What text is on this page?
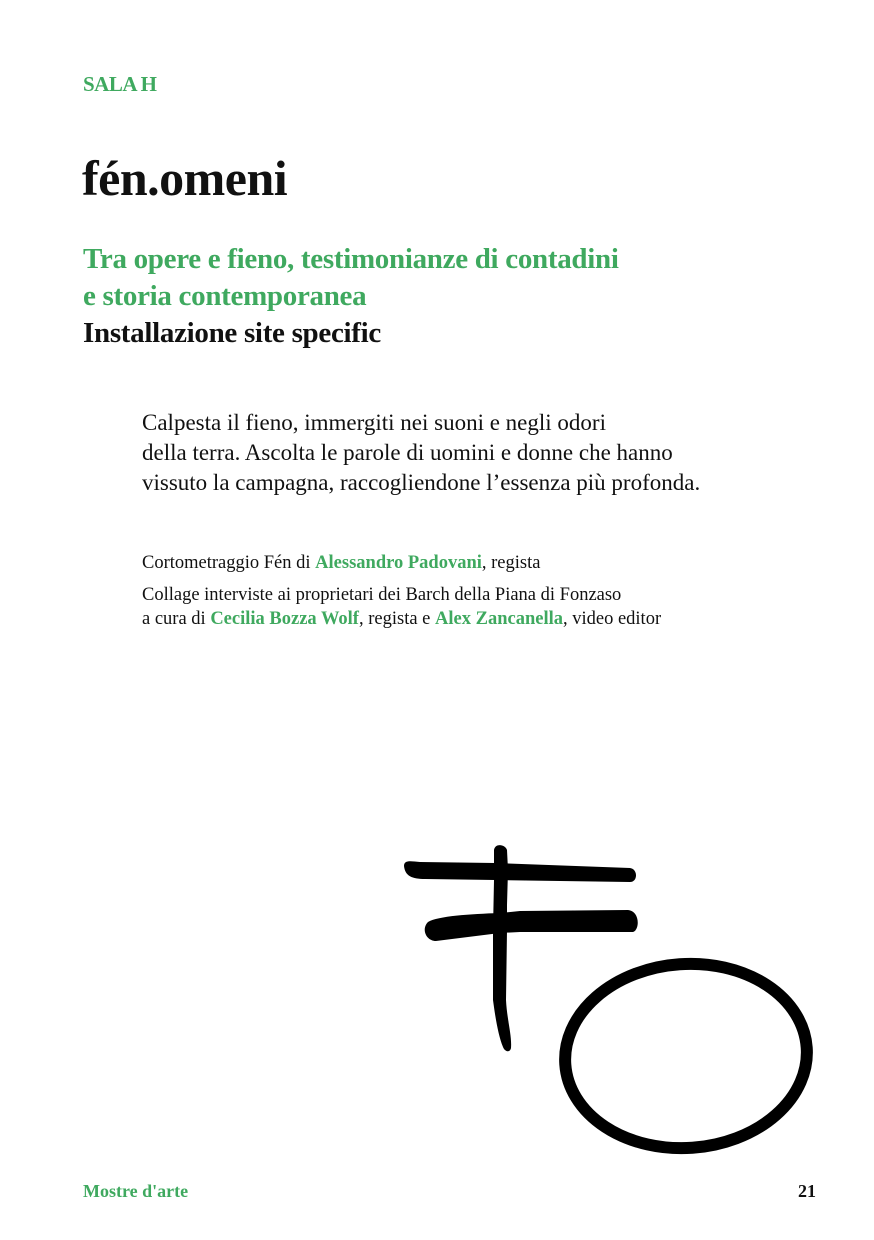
SALA H
fén.omeni
Tra opere e fieno, testimonianze di contadini
e storia contemporanea
Installazione site specific
Calpesta il fieno, immergiti nei suoni e negli odori
della terra. Ascolta le parole di uomini e donne che hanno
vissuto la campagna, raccogliendone l’essenza più profonda.
Cortometraggio Fén di Alessandro Padovani, regista
Collage interviste ai proprietari dei Barch della Piana di Fonzaso
a cura di Cecilia Bozza Wolf, regista e Alex Zancanella, video editor
Mostre d'arte	21
